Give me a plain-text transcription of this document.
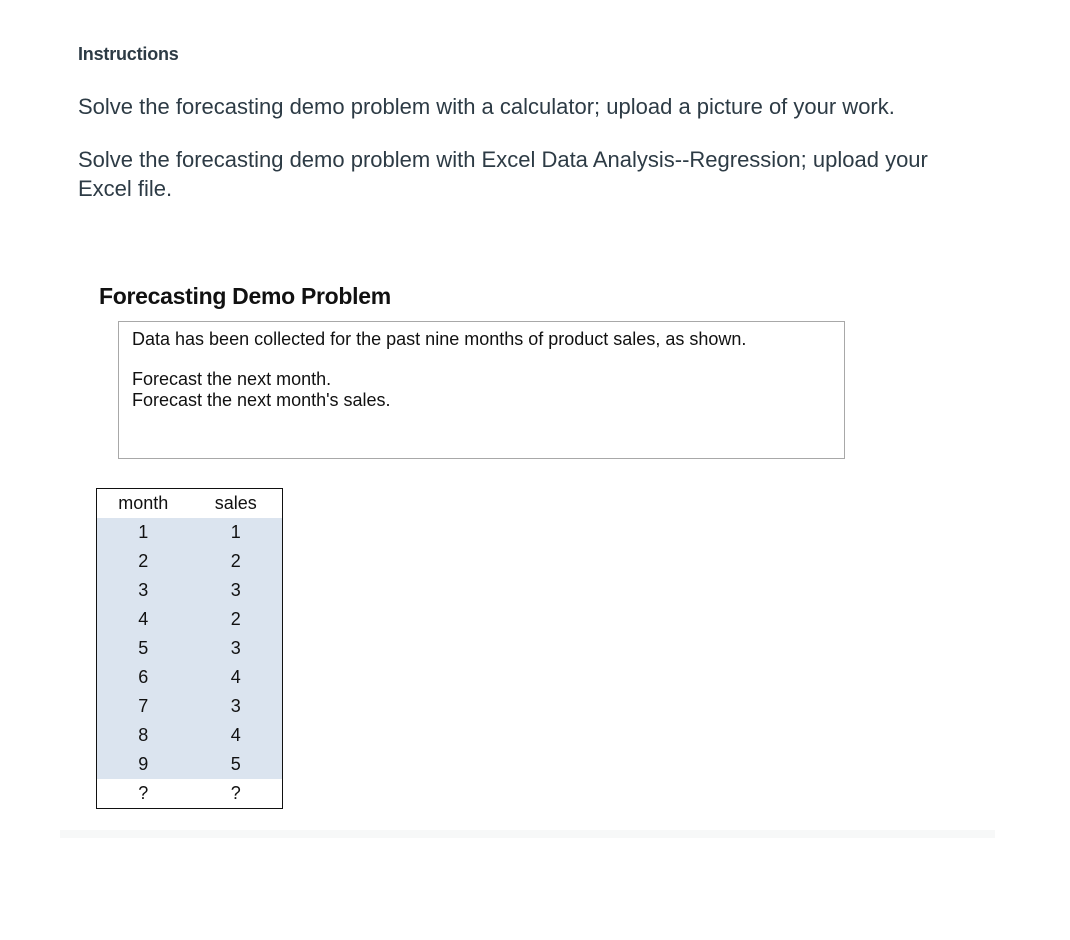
Instructions
Solve the forecasting demo problem with a calculator; upload a picture of your work.
Solve the forecasting demo problem with Excel Data Analysis--Regression; upload your Excel file.
Forecasting Demo Problem
Data has been collected for the past nine months of product sales, as shown.
Forecast the next month.
Forecast the next month's sales.
month	sales
1	1
2	2
3	3
4	2
5	3
6	4
7	3
8	4
9	5
?	?
